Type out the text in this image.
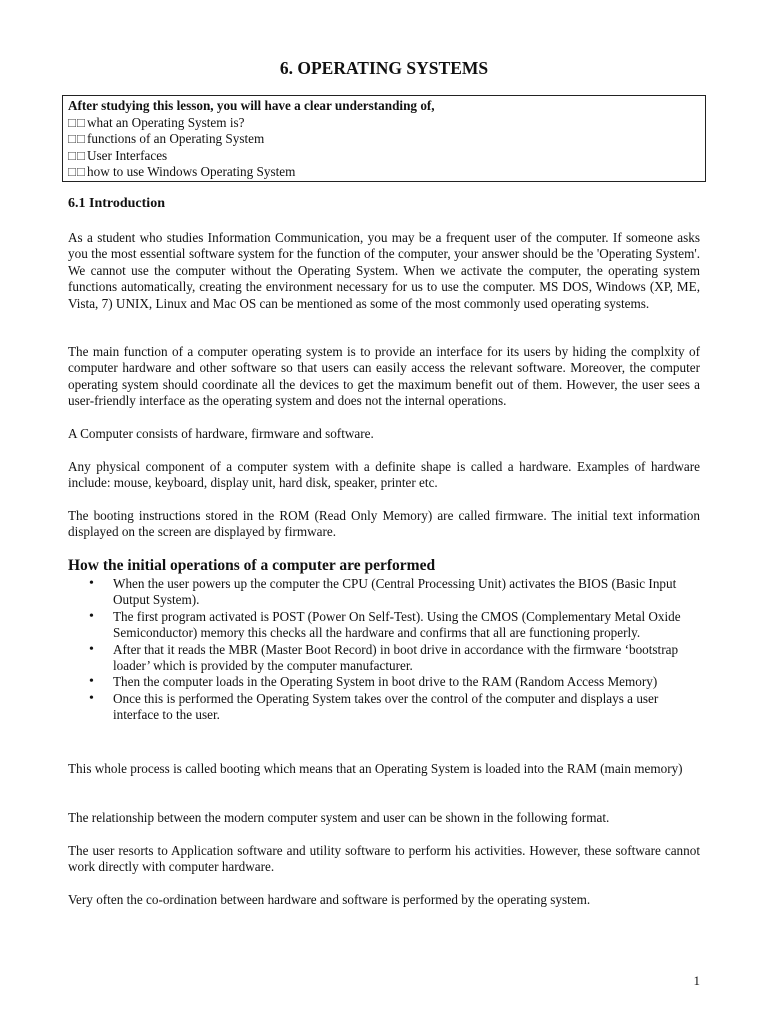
6. OPERATING SYSTEMS
After studying this lesson, you will have a clear understanding of,
□□what an Operating System is?
□□functions of an Operating System
□□User Interfaces
□□how to use Windows Operating System
6.1 Introduction

As a student who studies Information Communication, you may be a frequent user of the computer. If someone asks you the most essential software system for the function of the computer, your answer should be the 'Operating System'. We cannot use the computer without the Operating System. When we activate the computer, the operating system functions automatically, creating the environment necessary for us to use the computer. MS DOS, Windows (XP, ME, Vista, 7) UNIX, Linux and Mac OS can be mentioned as some of the most commonly used operating systems.

The main function of a computer operating system is to provide an interface for its users by hiding the complxity of computer hardware and other software so that users can easily access the relevant software. Moreover, the computer operating system should coordinate all the devices to get the maximum benefit out of them. However, the user sees a user-friendly interface as the operating system and does not the internal operations.

A Computer consists of hardware, firmware and software.

Any physical component of a computer system with a definite shape is called a hardware. Examples of hardware include: mouse, keyboard, display unit, hard disk, speaker, printer etc.

The booting instructions stored in the ROM (Read Only Memory) are called firmware. The initial text information displayed on the screen are displayed by firmware.

How the initial operations of a computer are performed
• When the user powers up the computer the CPU (Central Processing Unit) activates the BIOS (Basic Input Output System).
• The first program activated is POST (Power On Self-Test). Using the CMOS (Complementary Metal Oxide Semiconductor) memory this checks all the hardware and confirms that all are functioning properly.
• After that it reads the MBR (Master Boot Record) in boot drive in accordance with the firmware ‘bootstrap loader’ which is provided by the computer manufacturer.
• Then the computer loads in the Operating System in boot drive to the RAM (Random Access Memory)
• Once this is performed the Operating System takes over the control of the computer and displays a user interface to the user.

This whole process is called booting which means that an Operating System is loaded into the RAM (main memory)

The relationship between the modern computer system and user can be shown in the following format.

The user resorts to Application software and utility software to perform his activities. However, these software cannot work directly with computer hardware.

Very often the co-ordination between hardware and software is performed by the operating system.

1
